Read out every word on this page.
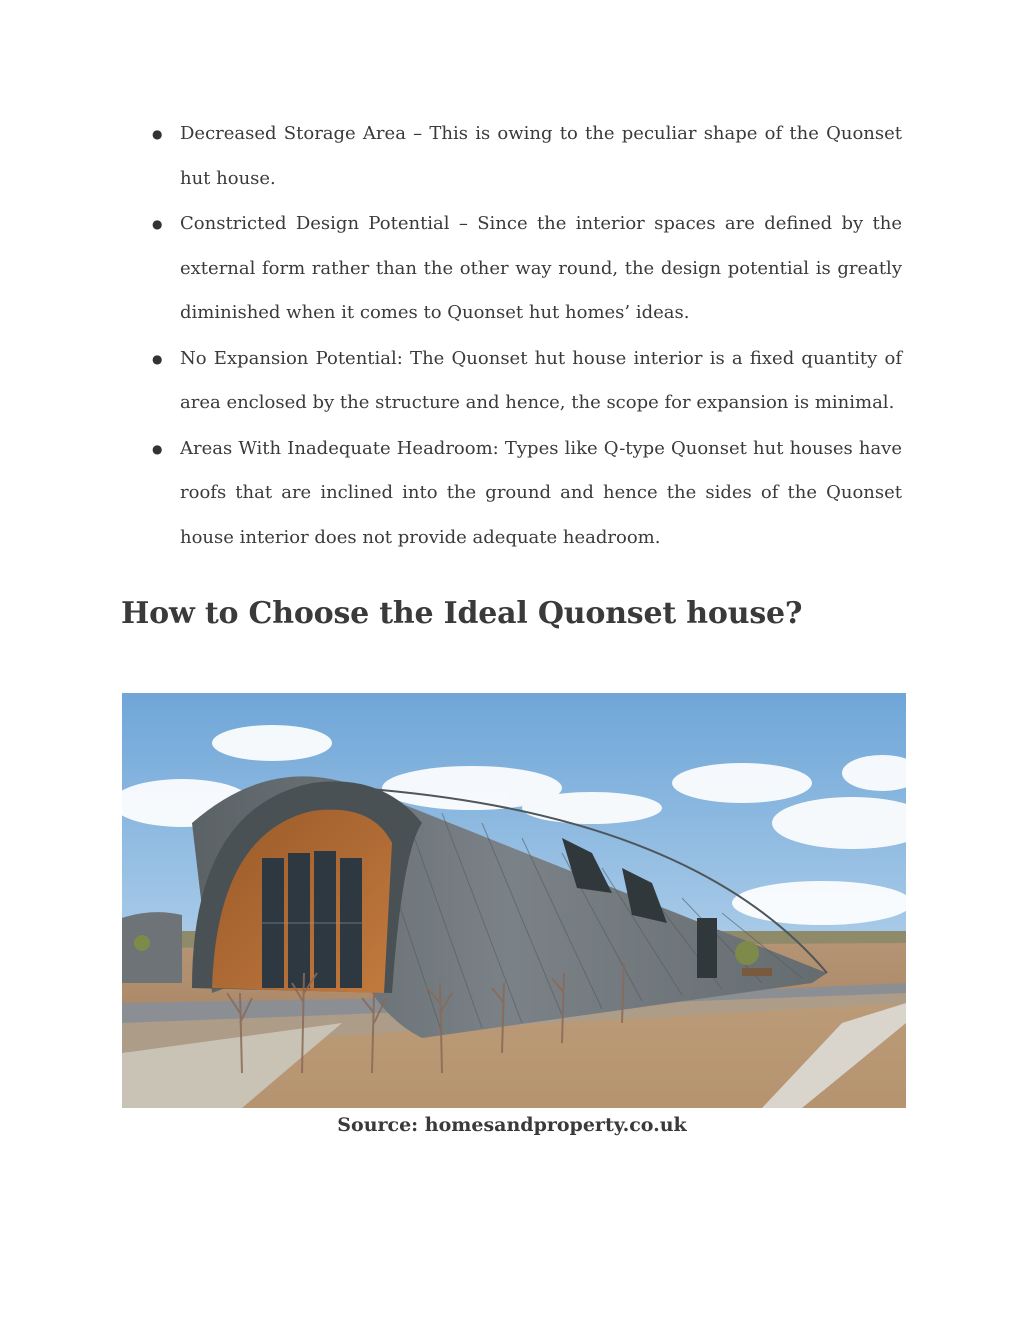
● Decreased Storage Area – This is owing to the peculiar shape of the Quonset hut house.
● Constricted Design Potential – Since the interior spaces are defined by the external form rather than the other way round, the design potential is greatly diminished when it comes to Quonset hut homes’ ideas.
● No Expansion Potential: The Quonset hut house interior is a fixed quantity of area enclosed by the structure and hence, the scope for expansion is minimal.
● Areas With Inadequate Headroom: Types like Q-type Quonset hut houses have roofs that are inclined into the ground and hence the sides of the Quonset house interior does not provide adequate headroom.
How to Choose the Ideal Quonset house?

Source: homesandproperty.co.uk
